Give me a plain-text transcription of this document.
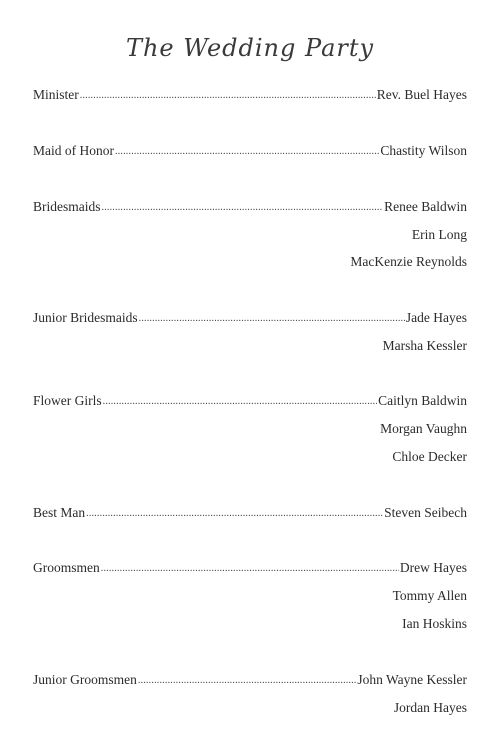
The Wedding Party
Minister .....	Rev. Buel Hayes
Maid of Honor .....	Chastity Wilson
Bridesmaids .....	Renee Baldwin
Erin Long
MacKenzie Reynolds
Junior Bridesmaids .....	Jade Hayes
Marsha Kessler
Flower Girls .....	Caitlyn Baldwin
Morgan Vaughn
Chloe Decker
Best Man .....	Steven Seibech
Groomsmen .....	Drew Hayes
Tommy Allen
Ian Hoskins
Junior Groomsmen .....	John Wayne Kessler
Jordan Hayes
